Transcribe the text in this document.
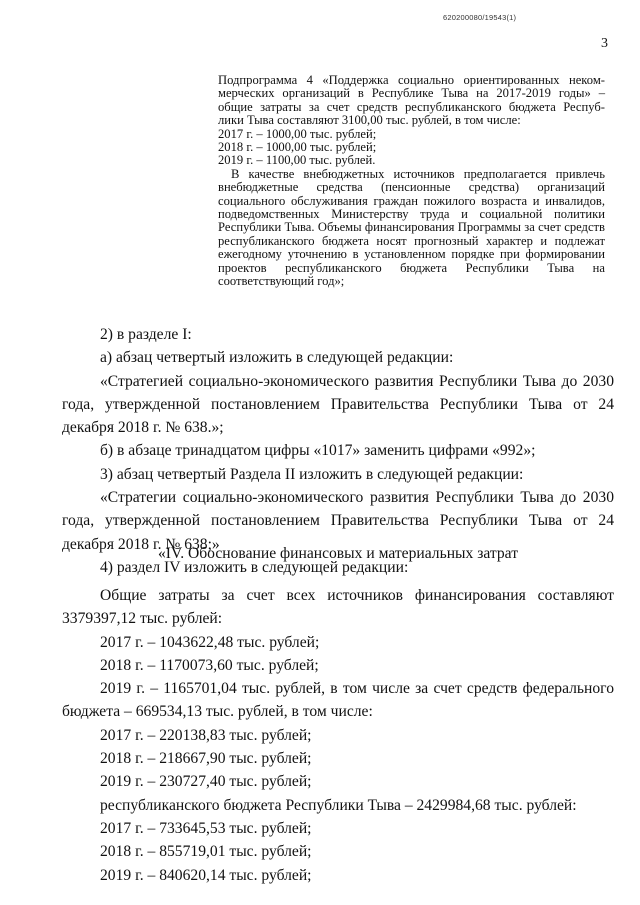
620200080/19543(1)
3

Подпрограмма 4 «Поддержка социально ориентированных неком-

мерческих организаций в Республике Тыва на 2017-2019 годы» –

общие затраты за счет средств республиканского бюджета Респуб-

лики Тыва составляют 3100,00 тыс. рублей, в том числе:

2017 г. – 1000,00 тыс. рублей;

2018 г. – 1000,00 тыс. рублей;

2019 г. – 1100,00 тыс. рублей.

В качестве внебюджетных источников предполагается привлечь внебюджетные средства (пенсионные средства) организаций социального обслуживания граждан пожилого возраста и инвалидов, подведомственных Министерству труда и социальной политики Республики Тыва. Объемы финансирования Программы за счет средств республиканского бюджета носят прогнозный характер и подлежат ежегодному уточнению в установленном порядке при формировании проектов республиканского бюджета Республики Тыва на соответствующий год»;

2) в разделе I:

а) абзац четвертый изложить в следующей редакции:

«Стратегией социально-экономического развития Республики Тыва до 2030 года, утвержденной постановлением Правительства Республики Тыва от 24 декабря 2018 г. № 638.»;

б) в абзаце тринадцатом цифры «1017» заменить цифрами «992»;

3) абзац четвертый Раздела II изложить в следующей редакции:

«Стратегии социально-экономического развития Республики Тыва до 2030 года, утвержденной постановлением Правительства Республики Тыва от 24 декабря 2018 г. № 638;»

4) раздел IV изложить в следующей редакции:

«IV. Обоснование финансовых и материальных затрат

Общие затраты за счет всех источников финансирования составляют 3379397,12 тыс. рублей:

2017 г. – 1043622,48 тыс. рублей;

2018 г. – 1170073,60 тыс. рублей;

2019 г. – 1165701,04 тыс. рублей, в том числе за счет средств федерального бюджета – 669534,13 тыс. рублей, в том числе:

2017 г. – 220138,83 тыс. рублей;

2018 г. – 218667,90 тыс. рублей;

2019 г. – 230727,40 тыс. рублей;

республиканского бюджета Республики Тыва – 2429984,68 тыс. рублей:

2017 г. – 733645,53 тыс. рублей;

2018 г. – 855719,01 тыс. рублей;

2019 г. – 840620,14 тыс. рублей;
